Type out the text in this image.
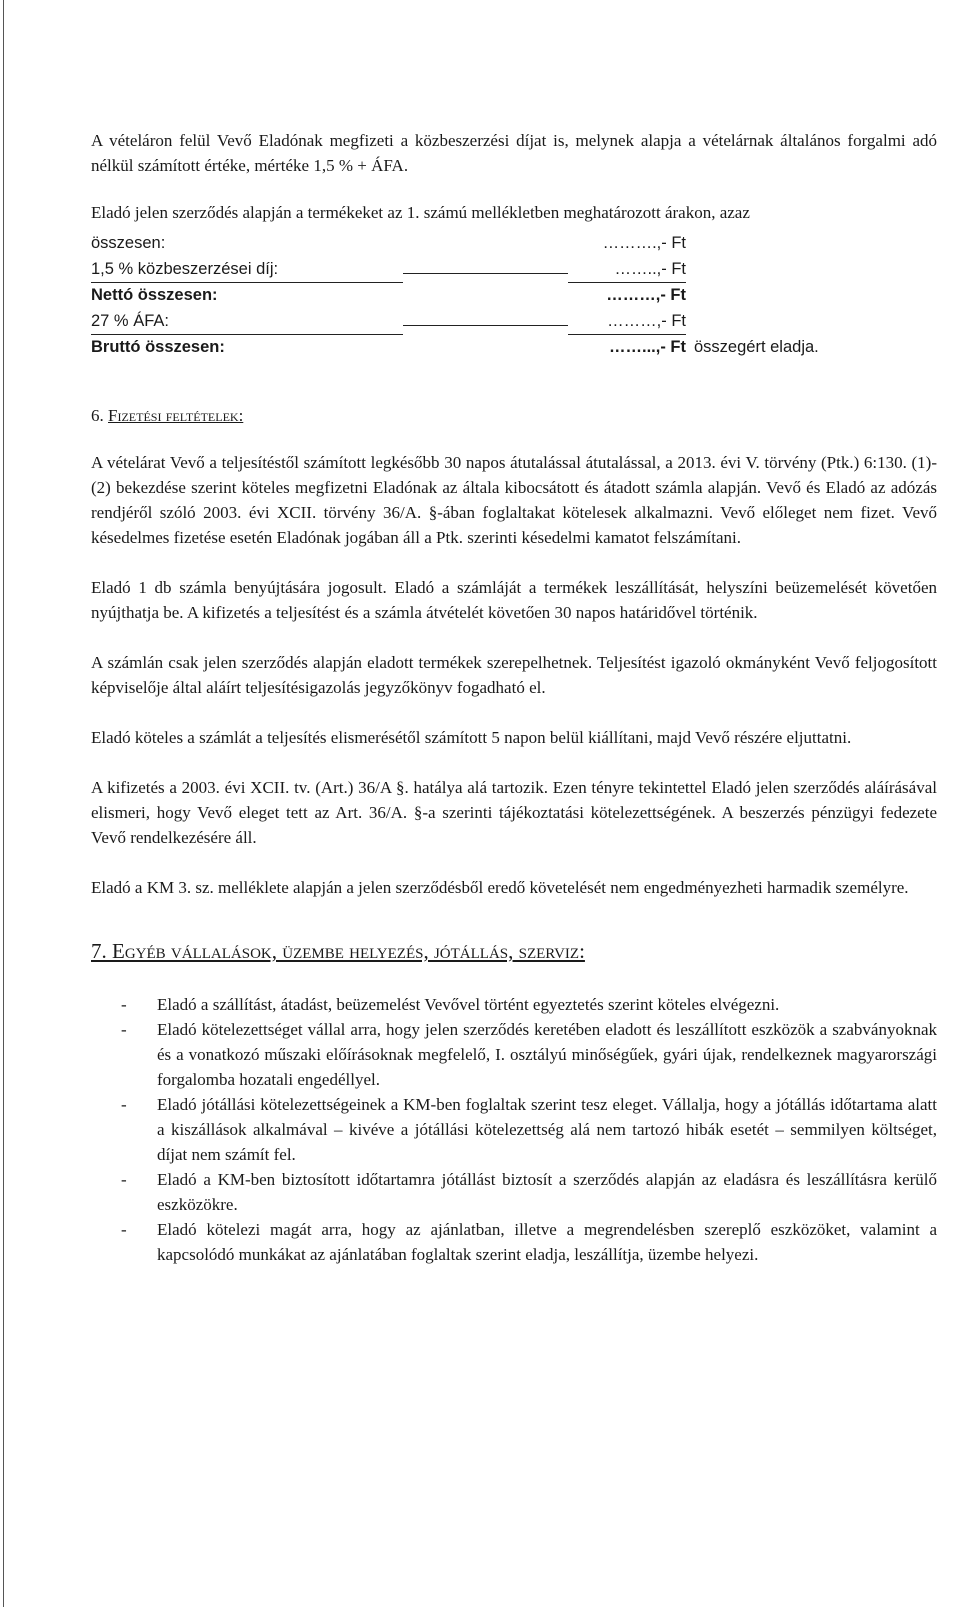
A vételáron felül Vevő Eladónak megfizeti a közbeszerzési díjat is, melynek alapja a vételárnak általános forgalmi adó nélkül számított értéke, mértéke 1,5 % + ÁFA.

Eladó jelen szerződés alapján a termékeket az 1. számú mellékletben meghatározott árakon, azaz

összesen:	……….,- Ft
1,5 % közbeszerzései díj:	……..,- Ft
Nettó összesen:	………,- Ft
27 % ÁFA:	………,- Ft
Bruttó összesen:	……...,- Ft összegért eladja.
6. Fizetési feltételek:

A vételárat Vevő a teljesítéstől számított legkésőbb 30 napos átutalással átutalással, a 2013. évi V. törvény (Ptk.) 6:130. (1)-(2) bekezdése szerint köteles megfizetni Eladónak az általa kibocsátott és átadott számla alapján. Vevő és Eladó az adózás rendjéről szóló 2003. évi XCII. törvény 36/A. §-ában foglaltakat kötelesek alkalmazni. Vevő előleget nem fizet. Vevő késedelmes fizetése esetén Eladónak jogában áll a Ptk. szerinti késedelmi kamatot felszámítani.

Eladó 1 db számla benyújtására jogosult. Eladó a számláját a termékek leszállítását, helyszíni beüzemelését követően nyújthatja be. A kifizetés a teljesítést és a számla átvételét követően 30 napos határidővel történik.

A számlán csak jelen szerződés alapján eladott termékek szerepelhetnek. Teljesítést igazoló okmányként Vevő feljogosított képviselője által aláírt teljesítésigazolás jegyzőkönyv fogadható el.

Eladó köteles a számlát a teljesítés elismerésétől számított 5 napon belül kiállítani, majd Vevő részére eljuttatni.

A kifizetés a 2003. évi XCII. tv. (Art.) 36/A §. hatálya alá tartozik. Ezen tényre tekintettel Eladó jelen szerződés aláírásával elismeri, hogy Vevő eleget tett az Art. 36/A. §-a szerinti tájékoztatási kötelezettségének. A beszerzés pénzügyi fedezete Vevő rendelkezésére áll.

Eladó a KM 3. sz. melléklete alapján a jelen szerződésből eredő követelését nem engedményezheti harmadik személyre.

7. Egyéb vállalások, üzembe helyezés, jótállás, szerviz:
-	Eladó a szállítást, átadást, beüzemelést Vevővel történt egyeztetés szerint köteles elvégezni.
-	Eladó kötelezettséget vállal arra, hogy jelen szerződés keretében eladott és leszállított eszközök a szabványoknak és a vonatkozó műszaki előírásoknak megfelelő, I. osztályú minőségűek, gyári újak, rendelkeznek magyarországi forgalomba hozatali engedéllyel.
-	Eladó jótállási kötelezettségeinek a KM-ben foglaltak szerint tesz eleget. Vállalja, hogy a jótállás időtartama alatt a kiszállások alkalmával – kivéve a jótállási kötelezettség alá nem tartozó hibák esetét – semmilyen költséget, díjat nem számít fel.
-	Eladó a KM-ben biztosított időtartamra jótállást biztosít a szerződés alapján az eladásra és leszállításra kerülő eszközökre.
-	Eladó kötelezi magát arra, hogy az ajánlatban, illetve a megrendelésben szereplő eszközöket, valamint a kapcsolódó munkákat az ajánlatában foglaltak szerint eladja, leszállítja, üzembe helyezi.
